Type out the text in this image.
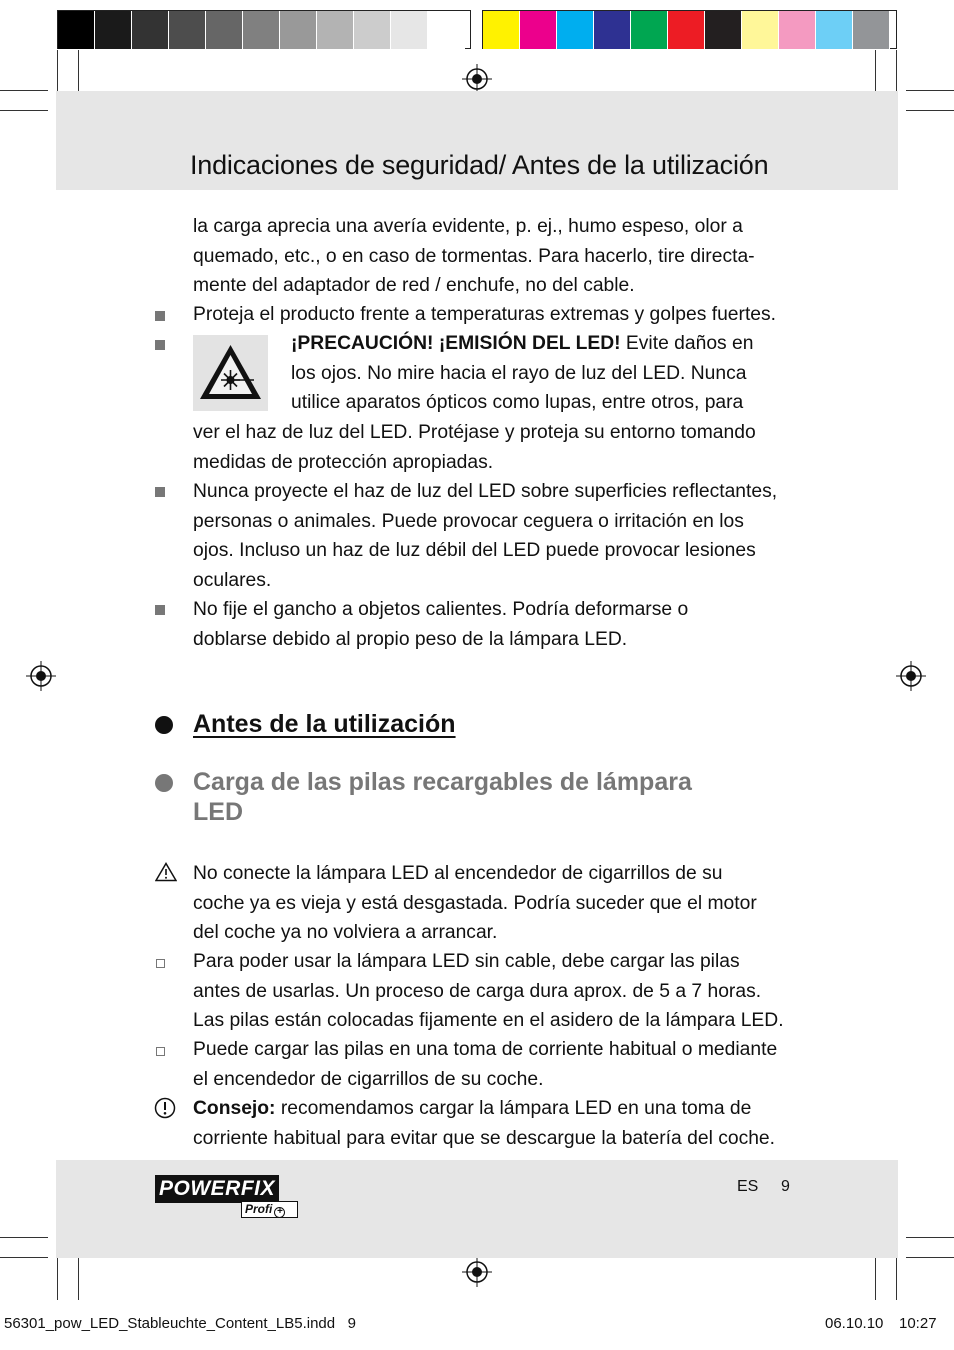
Indicaciones de seguridad/ Antes de la utilización
la carga aprecia una avería evidente, p. ej., humo espeso, olor a
quemado, etc., o en caso de tormentas. Para hacerlo, tire directa-
mente del adaptador de red / enchufe, no del cable.
Proteja el producto frente a temperaturas extremas y golpes fuertes.
¡PRECAUCIÓN! ¡EMISIÓN DEL LED! Evite daños en
los ojos. No mire hacia el rayo de luz del LED. Nunca
utilice aparatos ópticos como lupas, entre otros, para
ver el haz de luz del LED. Protéjase y proteja su entorno tomando
medidas de protección apropiadas.
Nunca proyecte el haz de luz del LED sobre superficies reflectantes,
personas o animales. Puede provocar ceguera o irritación en los
ojos. Incluso un haz de luz débil del LED puede provocar lesiones
oculares.
No fije el gancho a objetos calientes. Podría deformarse o
doblarse debido al propio peso de la lámpara LED.
Antes de la utilización
Carga de las pilas recargables de lámpara
LED
No conecte la lámpara LED al encendedor de cigarrillos de su
coche ya es vieja y está desgastada. Podría suceder que el motor
del coche ya no volviera a arrancar.
Para poder usar la lámpara LED sin cable, debe cargar las pilas
antes de usarlas. Un proceso de carga dura aprox. de 5 a 7 horas.
Las pilas están colocadas fijamente en el asidero de la lámpara LED.
Puede cargar las pilas en una toma de corriente habitual o mediante
el encendedor de cigarrillos de su coche.
Consejo: recomendamos cargar la lámpara LED en una toma de
corriente habitual para evitar que se descargue la batería del coche.
POWERFIX
Profi +
ES 9
56301_pow_LED_Stableuchte_Content_LB5.indd   9	06.10.10 10:27
